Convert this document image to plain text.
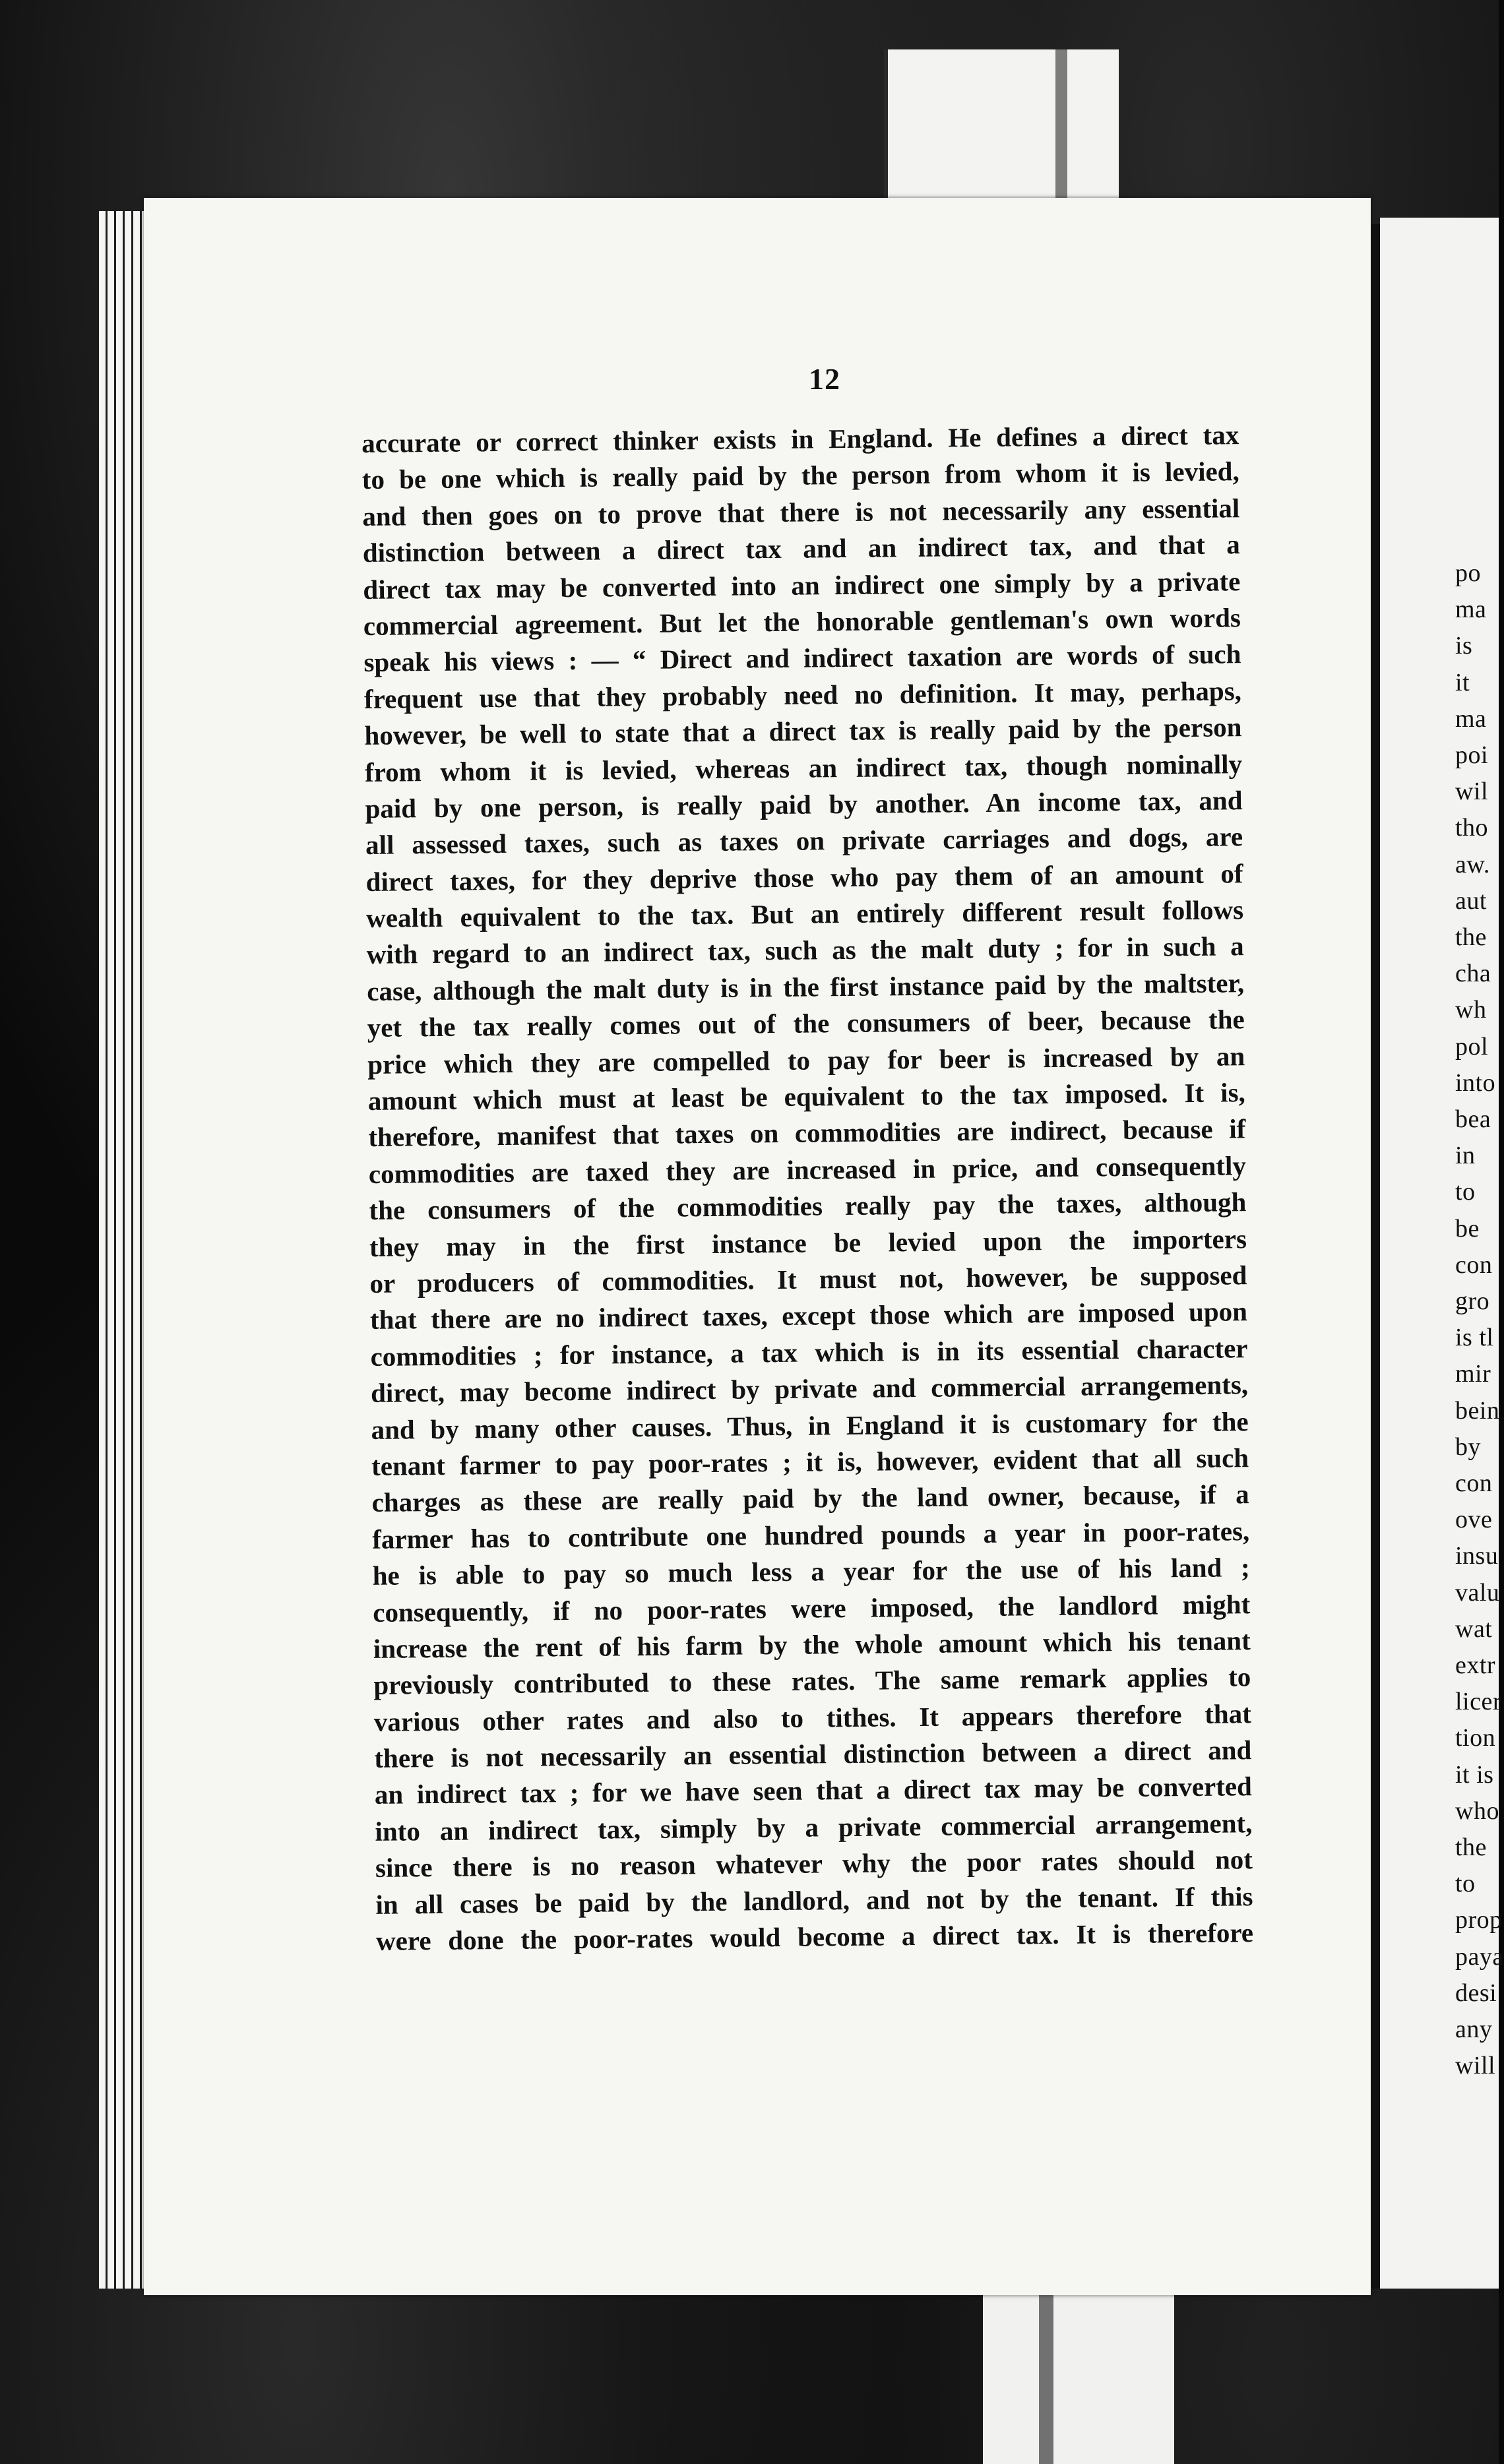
12
accurate or correct thinker exists in England. He defines a direct tax
to be one which is really paid by the person from whom it is levied,
and then goes on to prove that there is not necessarily any essential
distinction between a direct tax and an indirect tax, and that a
direct tax may be converted into an indirect one simply by a private
commercial agreement. But let the honorable gentleman's own words
speak his views : — “ Direct and indirect taxation are words of such
frequent use that they probably need no definition. It may, perhaps,
however, be well to state that a direct tax is really paid by the person
from whom it is levied, whereas an indirect tax, though nominally
paid by one person, is really paid by another. An income tax, and
all assessed taxes, such as taxes on private carriages and dogs, are
direct taxes, for they deprive those who pay them of an amount of
wealth equivalent to the tax. But an entirely different result follows
with regard to an indirect tax, such as the malt duty ; for in such a
case, although the malt duty is in the first instance paid by the maltster,
yet the tax really comes out of the consumers of beer, because the
price which they are compelled to pay for beer is increased by an
amount which must at least be equivalent to the tax imposed. It is,
therefore, manifest that taxes on commodities are indirect, because if
commodities are taxed they are increased in price, and consequently
the consumers of the commodities really pay the taxes, although
they may in the first instance be levied upon the importers
or producers of commodities. It must not, however, be supposed
that there are no indirect taxes, except those which are imposed upon
commodities ; for instance, a tax which is in its essential character
direct, may become indirect by private and commercial arrangements,
and by many other causes. Thus, in England it is customary for the
tenant farmer to pay poor-rates ; it is, however, evident that all such
charges as these are really paid by the land owner, because, if a
farmer has to contribute one hundred pounds a year in poor-rates,
he is able to pay so much less a year for the use of his land ;
consequently, if no poor-rates were imposed, the landlord might
increase the rent of his farm by the whole amount which his tenant
previously contributed to these rates. The same remark applies to
various other rates and also to tithes. It appears therefore that
there is not necessarily an essential distinction between a direct and
an indirect tax ; for we have seen that a direct tax may be converted
into an indirect tax, simply by a private commercial arrangement,
since there is no reason whatever why the poor rates should not
in all cases be paid by the landlord, and not by the tenant. If this
were done the poor-rates would become a direct tax. It is therefore
po
ma
is
it
ma
poi
wil
tho
aw.
aut
the
cha
wh
pol
into
bea
in
to
be
con
gro
is tl
mir
bein
by
con
ove
insu
valu
wat
extr
licer
tion
it is
who
the
to
prop
paya
desi
any
will
